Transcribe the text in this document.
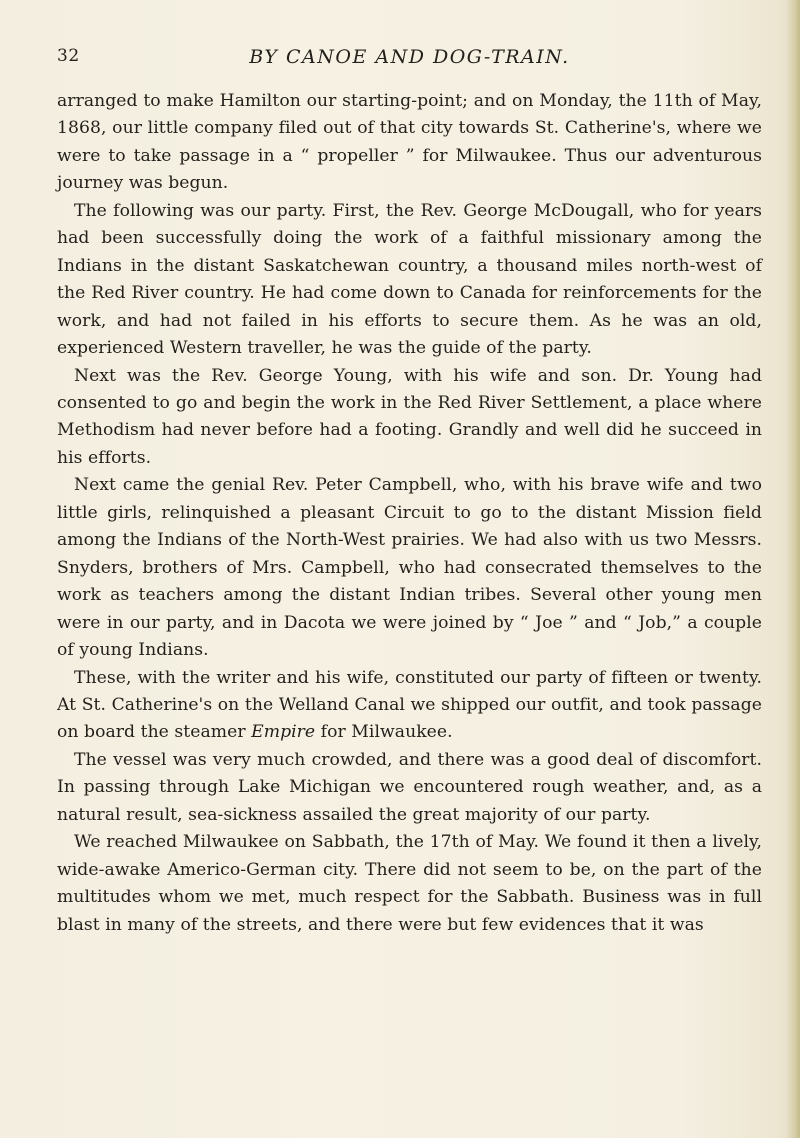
32	BY CANOE AND DOG-TRAIN.

arranged to make Hamilton our starting-point; and on Monday, the 11th of May, 1868, our little company filed out of that city towards St. Catherine's, where we were to take passage in a “ propeller ” for Milwaukee. Thus our adventurous journey was begun.

The following was our party. First, the Rev. George McDougall, who for years had been successfully doing the work of a faithful missionary among the Indians in the distant Saskatchewan country, a thousand miles north-west of the Red River country. He had come down to Canada for reinforcements for the work, and had not failed in his efforts to secure them. As he was an old, experienced Western traveller, he was the guide of the party.

Next was the Rev. George Young, with his wife and son. Dr. Young had consented to go and begin the work in the Red River Settlement, a place where Methodism had never before had a footing. Grandly and well did he succeed in his efforts.

Next came the genial Rev. Peter Campbell, who, with his brave wife and two little girls, relinquished a pleasant Circuit to go to the distant Mission field among the Indians of the North-West prairies. We had also with us two Messrs. Snyders, brothers of Mrs. Campbell, who had consecrated themselves to the work as teachers among the distant Indian tribes. Several other young men were in our party, and in Dacota we were joined by “ Joe ” and “ Job,” a couple of young Indians.

These, with the writer and his wife, constituted our party of fifteen or twenty. At St. Catherine's on the Welland Canal we shipped our outfit, and took passage on board the steamer Empire for Milwaukee.

The vessel was very much crowded, and there was a good deal of discomfort. In passing through Lake Michigan we encountered rough weather, and, as a natural result, sea-sickness assailed the great majority of our party.

We reached Milwaukee on Sabbath, the 17th of May. We found it then a lively, wide-awake Americo-German city. There did not seem to be, on the part of the multitudes whom we met, much respect for the Sabbath. Business was in full blast in many of the streets, and there were but few evidences that it was
